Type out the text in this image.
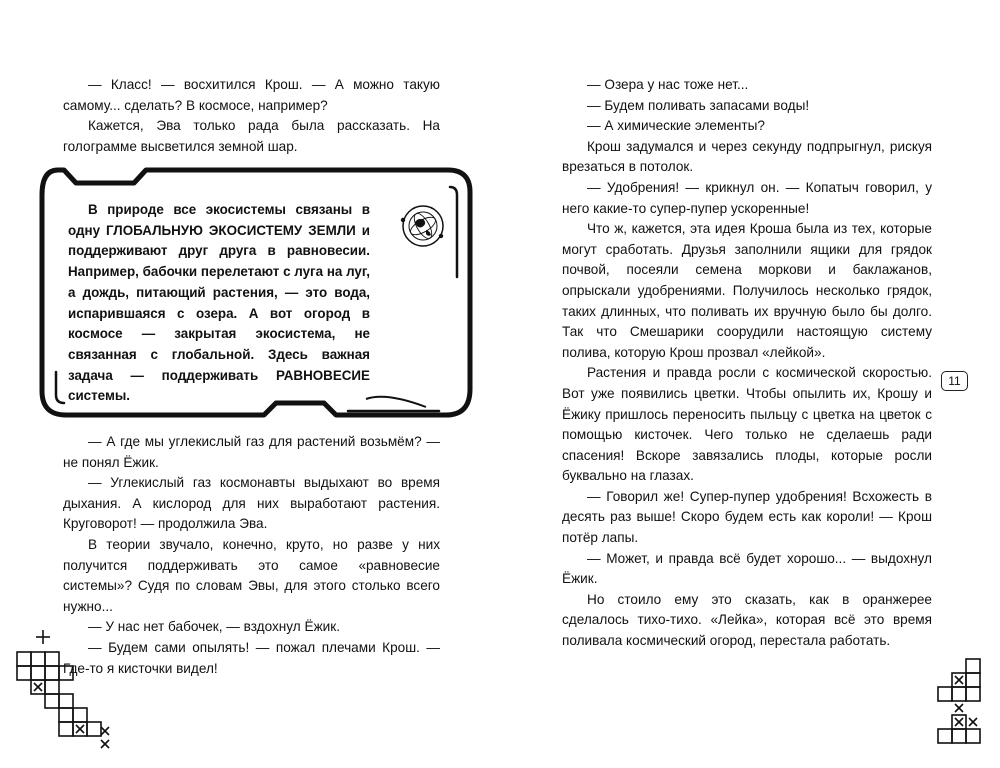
— Класс! — восхитился Крош. — А можно такую самому... сделать? В космосе, например?

Кажется, Эва только рада была рассказать. На голограмме высветился земной шар.

В природе все экосистемы связаны в одну ГЛОБАЛЬНУЮ ЭКОСИСТЕМУ ЗЕМЛИ и поддерживают друг друга в равновесии. Например, бабочки перелетают с луга на луг, а дождь, питающий растения, — это вода, испарившаяся с озера. А вот огород в космосе — закрытая экосистема, не связанная с глобальной. Здесь важная задача — поддерживать РАВНОВЕСИЕ системы.

— А где мы углекислый газ для растений возьмём? — не понял Ёжик.

— Углекислый газ космонавты выдыхают во время дыхания. А кислород для них выработают растения. Круговорот! — продолжила Эва.

В теории звучало, конечно, круто, но разве у них получится поддерживать это самое «равновесие системы»? Судя по словам Эвы, для этого столько всего нужно...

— У нас нет бабочек, — вздохнул Ёжик.

— Будем сами опылять! — пожал плечами Крош. — Где-то я кисточки видел!

— Озера у нас тоже нет...

— Будем поливать запасами воды!

— А химические элементы?

Крош задумался и через секунду подпрыгнул, рискуя врезаться в потолок.

— Удобрения! — крикнул он. — Копатыч говорил, у него какие-то супер-пупер ускоренные!

Что ж, кажется, эта идея Кроша была из тех, которые могут сработать. Друзья заполнили ящики для грядок почвой, посеяли семена моркови и баклажанов, опрыскали удобрениями. Получилось несколько грядок, таких длинных, что поливать их вручную было бы долго. Так что Смешарики соорудили настоящую систему полива, которую Крош прозвал «лейкой».

Растения и правда росли с космической скоростью. Вот уже появились цветки. Чтобы опылить их, Крошу и Ёжику пришлось переносить пыльцу с цветка на цветок с помощью кисточек. Чего только не сделаешь ради спасения! Вскоре завязались плоды, которые росли буквально на глазах.

— Говорил же! Супер-пупер удобрения! Всхожесть в десять раз выше! Скоро будем есть как короли! — Крош потёр лапы.

— Может, и правда всё будет хорошо... — выдохнул Ёжик.

Но стоило ему это сказать, как в оранжерее сделалось тихо-тихо. «Лейка», которая всё это время поливала космический огород, перестала работать.

11
